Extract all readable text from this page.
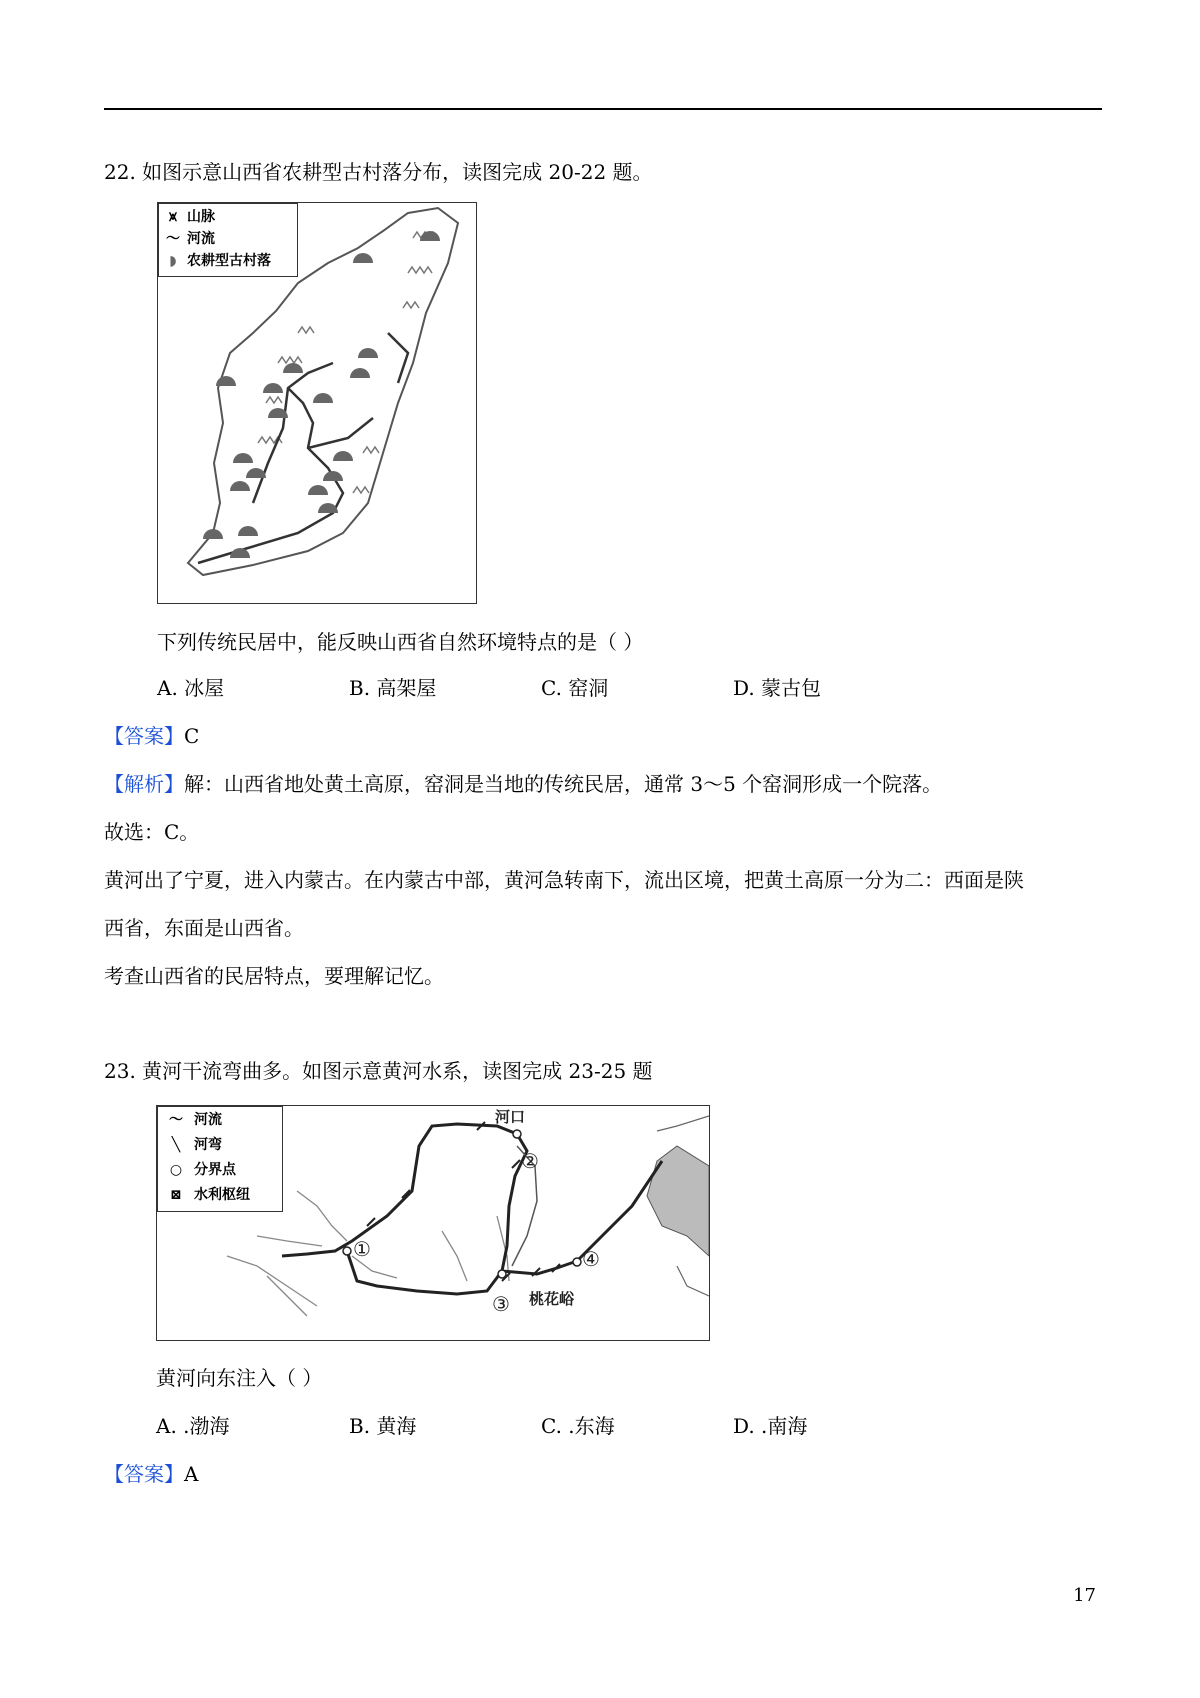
22. 如图示意山西省农耕型古村落分布，读图完成 20-22 题。
⩙ 山脉
〜 河流
◗ 农耕型古村落
下列传统民居中，能反映山西省自然环境特点的是（ ）
A. 冰屋	B. 高架屋	C. 窑洞	D. 蒙古包
【答案】C
【解析】解：山西省地处黄土高原，窑洞是当地的传统民居，通常 3～5 个窑洞形成一个院落。
故选：C。
黄河出了宁夏，进入内蒙古。在内蒙古中部，黄河急转南下，流出区境，把黄土高原一分为二：西面是陕
西省，东面是山西省。
考查山西省的民居特点，要理解记忆。
23. 黄河干流弯曲多。如图示意黄河水系，读图完成 23-25 题
①
②
③
④
河口
桃花峪
〜 河流
╲ 河弯
○ 分界点
⊠ 水利枢纽
黄河向东注入（ ）
A. .渤海	B. 黄海	C. .东海	D. .南海
【答案】A
17
